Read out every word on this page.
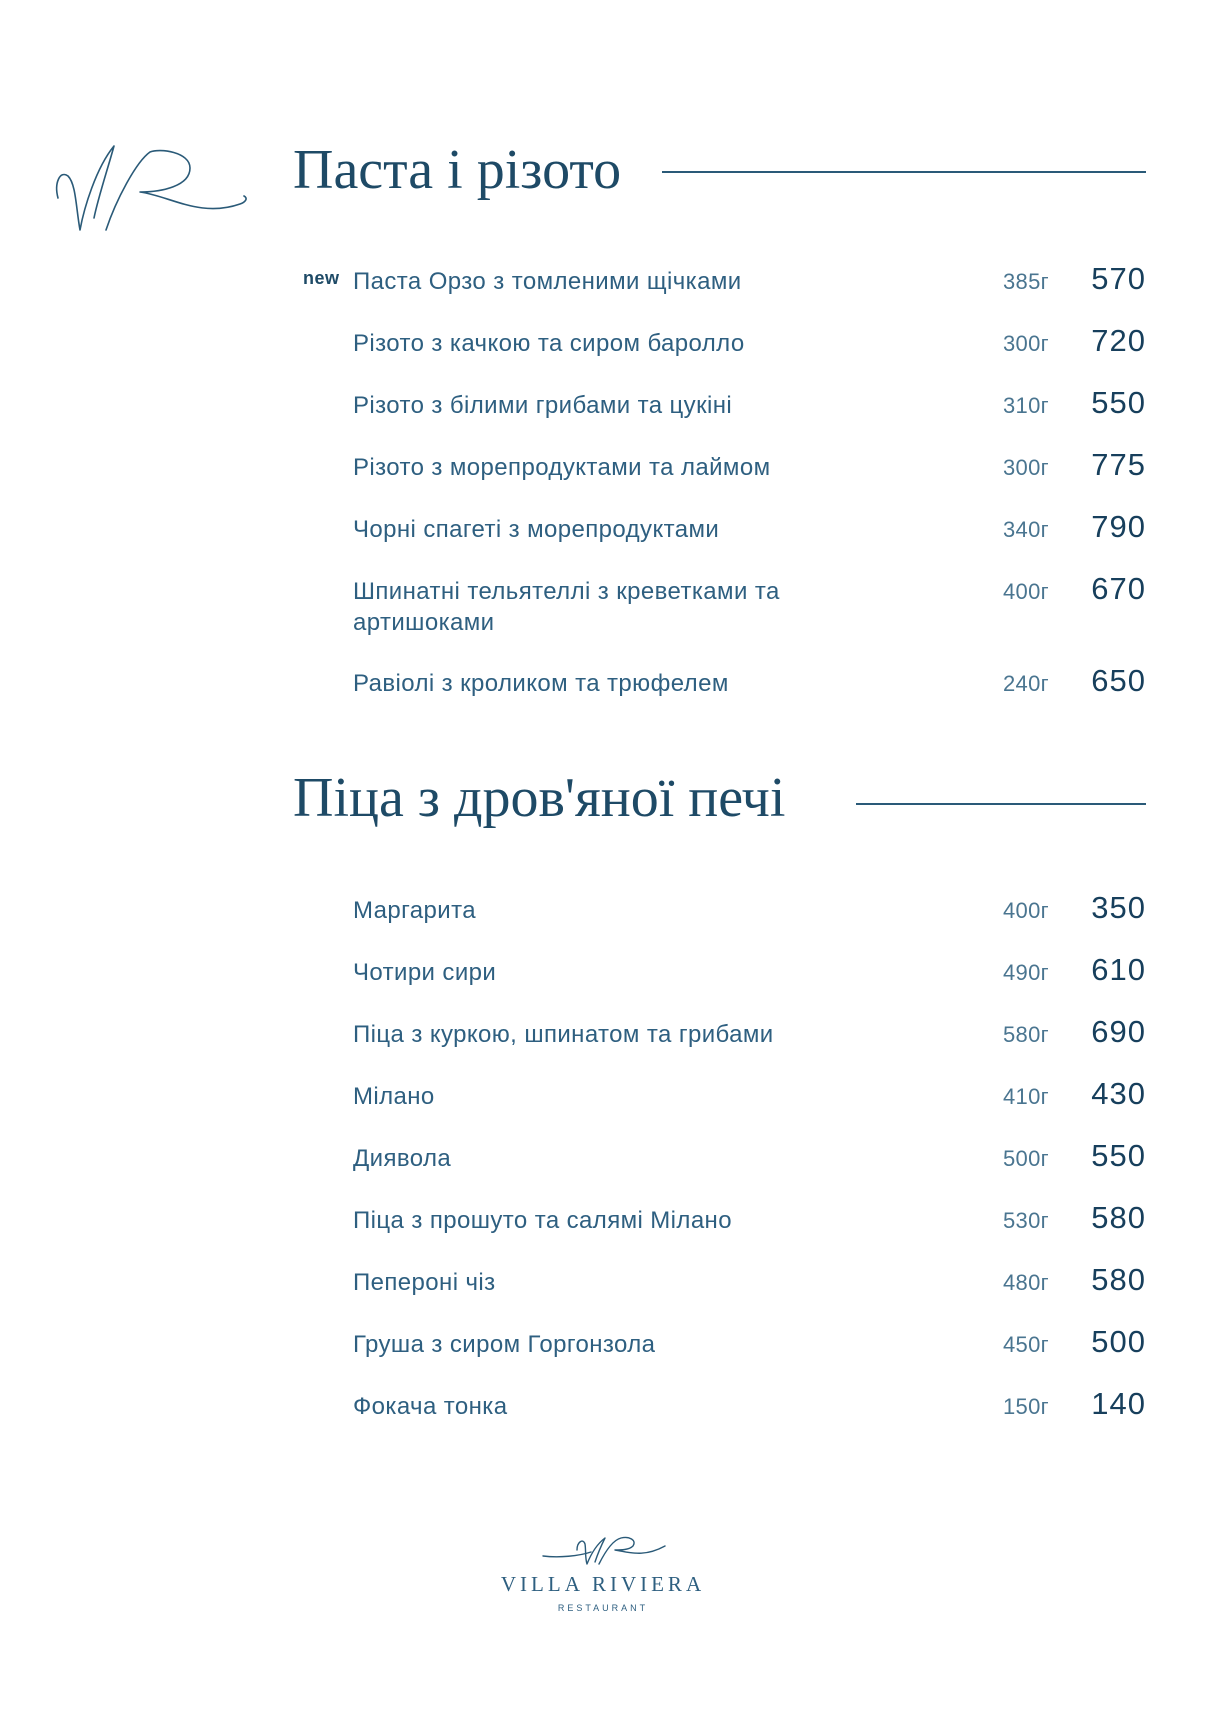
Паста і різото
new Паста Орзо з томленими щічками	385г 570
Різото з качкою та сиром баролло	300г 720
Різото з білими грибами та цукіні	310г 550
Різото з морепродуктами та лаймом	300г 775
Чорні спагеті з морепродуктами	340г 790
Шпинатні тельятеллі з креветками та артишоками
400г 670
Равіолі з кроликом та трюфелем	240г 650
Піца з дров'яної печі
Маргарита	400г 350
Чотири сири	490г 610
Піца з куркою, шпинатом та грибами	580г 690
Мілано	410г 430
Диявола	500г 550
Піца з прошуто та салямі Мілано	530г 580
Пеперонi чіз	480г 580
Груша з сиром Горгонзола	450г 500
Фокача тонка	150г 140
VILLA RIVIERA
RESTAURANT
